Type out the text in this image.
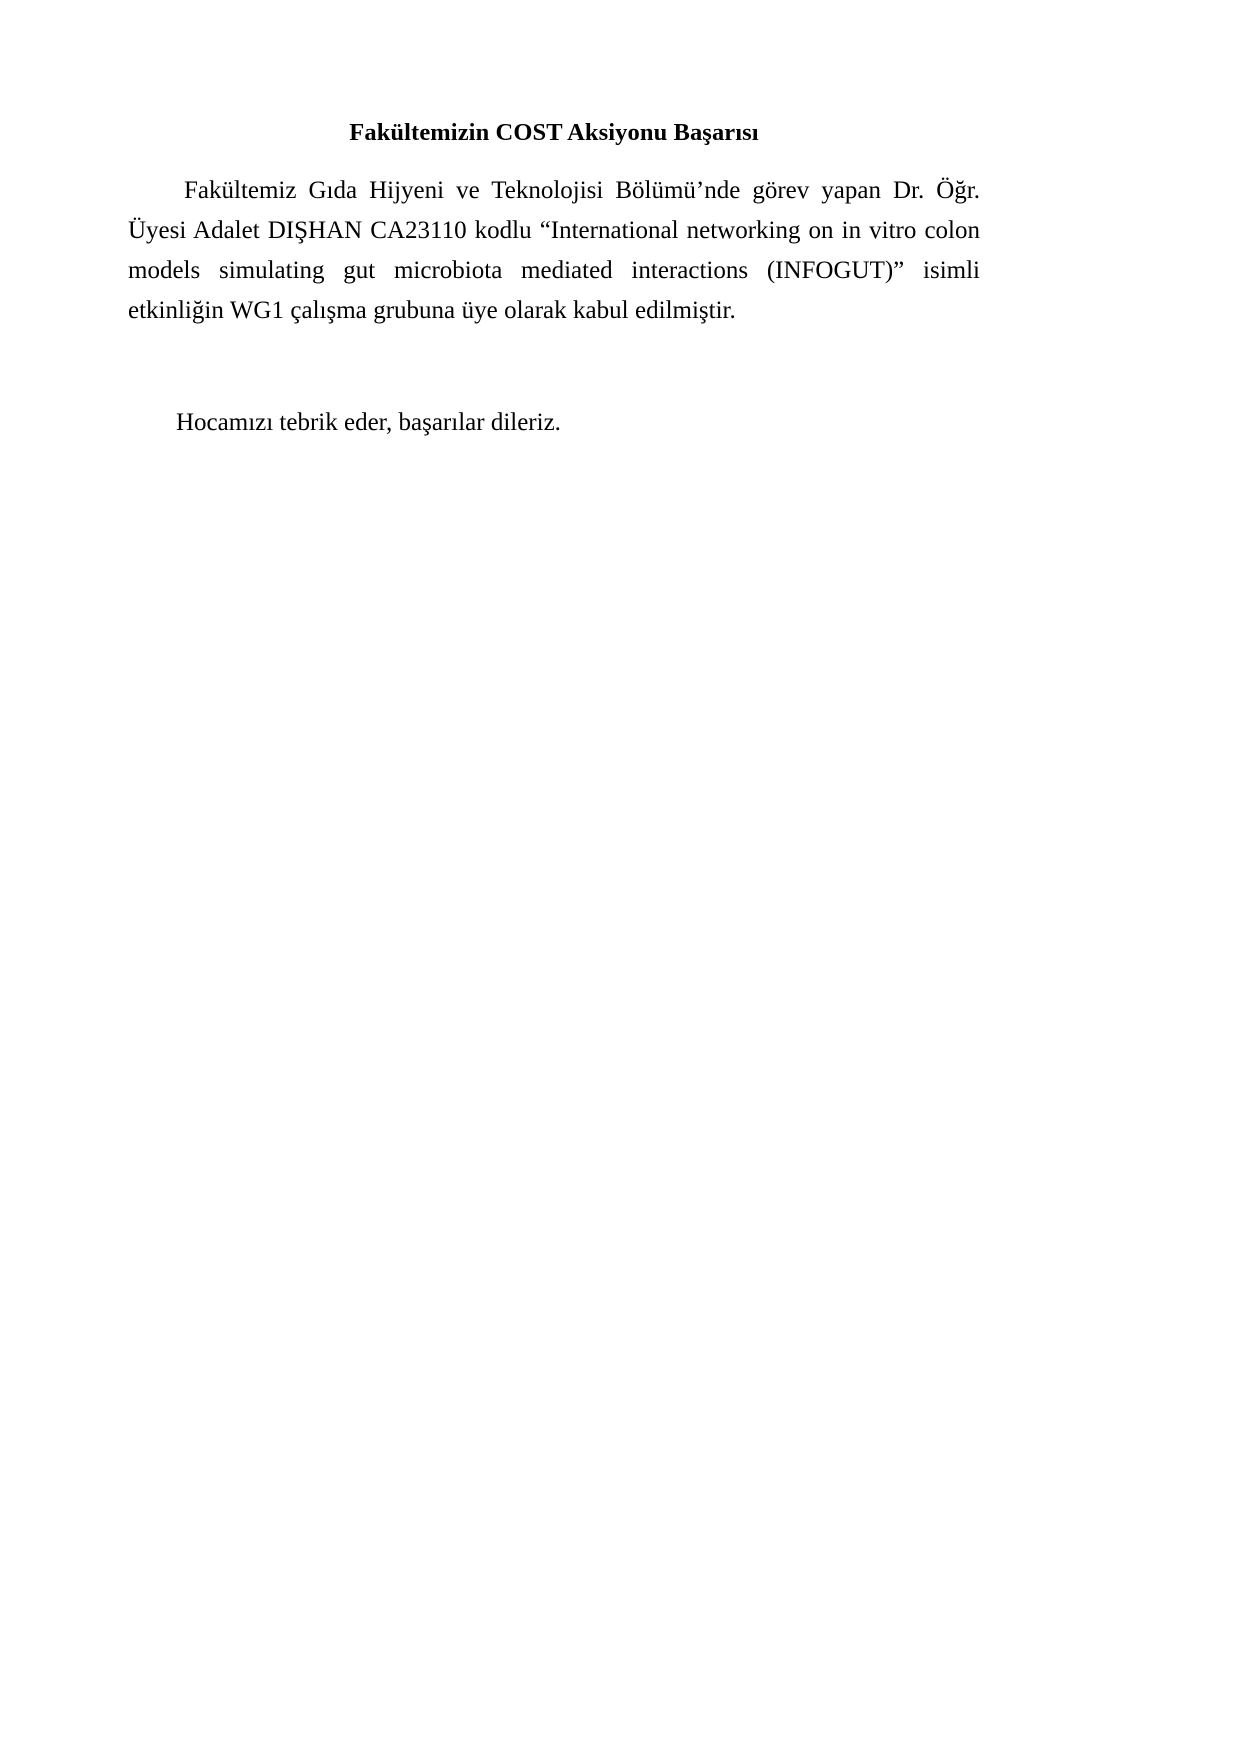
Fakültemizin COST Aksiyonu Başarısı

Fakültemiz Gıda Hijyeni ve Teknolojisi Bölümü’nde görev yapan Dr. Öğr. Üyesi Adalet DIŞHAN CA23110 kodlu “International networking on in vitro colon models simulating gut microbiota mediated interactions (INFOGUT)” isimli etkinliğin WG1 çalışma grubuna üye olarak kabul edilmiştir.

Hocamızı tebrik eder, başarılar dileriz.
